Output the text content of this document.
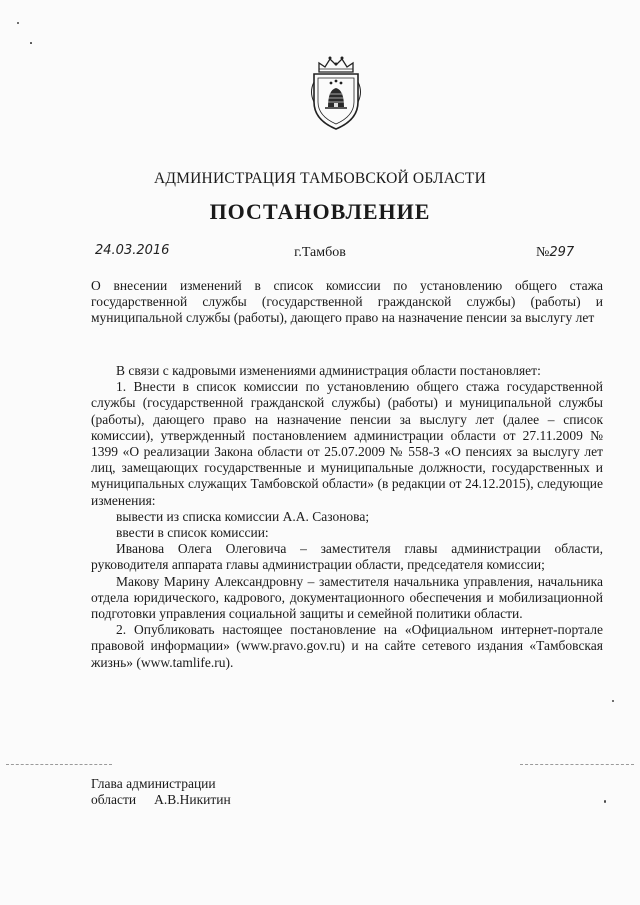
АДМИНИСТРАЦИЯ ТАМБОВСКОЙ ОБЛАСТИ
ПОСТАНОВЛЕНИЕ
24.03.2016	г.Тамбов	№297
О внесении изменений в список комиссии по установлению общего стажа государственной службы (государственной гражданской службы) (работы) и муниципальной службы (работы), дающего право на назначение пенсии за выслугу лет

В связи с кадровыми изменениями администрация области постановляет:

1. Внести в список комиссии по установлению общего стажа государственной службы (государственной гражданской службы) (работы) и муниципальной службы (работы), дающего право на назначение пенсии за выслугу лет (далее – список комиссии), утвержденный постановлением администрации области от 27.11.2009 № 1399 «О реализации Закона области от 25.07.2009 № 558-З «О пенсиях за выслугу лет лиц, замещающих государственные и муниципальные должности, государственных и муниципальных служащих Тамбовской области» (в редакции от 24.12.2015), следующие изменения:

вывести из списка комиссии А.А. Сазонова;

ввести в список комиссии:

Иванова Олега Олеговича – заместителя главы администрации области, руководителя аппарата главы администрации области, председателя комиссии;

Макову Марину Александровну – заместителя начальника управления, начальника отдела юридического, кадрового, документационного обеспечения и мобилизационной подготовки управления социальной защиты и семейной политики области.

2. Опубликовать настоящее постановление на «Официальном интернет-портале правовой информации» (www.pravo.gov.ru) и на сайте сетевого издания «Тамбовская жизнь» (www.tamlife.ru).

Глава администрации
области А.В.Никитин
